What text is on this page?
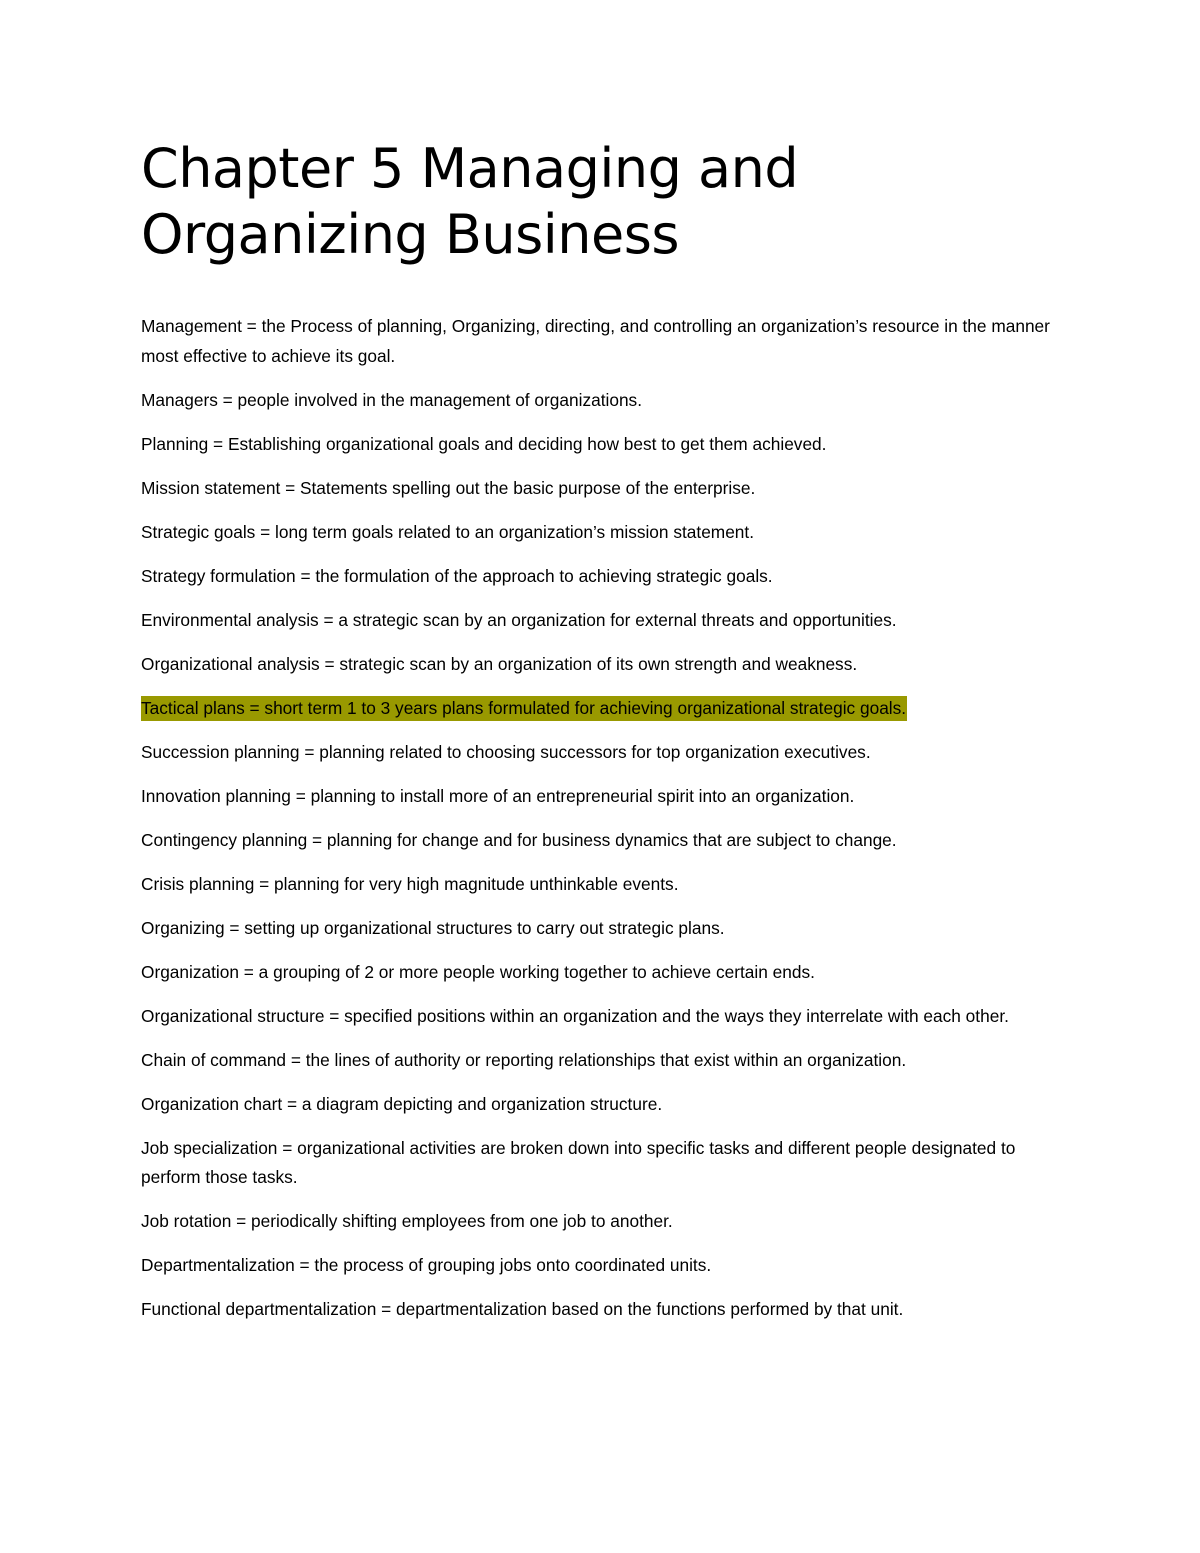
Chapter 5 Managing and Organizing Business

Management = the Process of planning, Organizing, directing, and controlling an organization’s resource in the manner most effective to achieve its goal.

Managers = people involved in the management of organizations.

Planning = Establishing organizational goals and deciding how best to get them achieved.

Mission statement = Statements spelling out the basic purpose of the enterprise.

Strategic goals = long term goals related to an organization’s mission statement.

Strategy formulation = the formulation of the approach to achieving strategic goals.

Environmental analysis = a strategic scan by an organization for external threats and opportunities.

Organizational analysis = strategic scan by an organization of its own strength and weakness.

Tactical plans = short term 1 to 3 years plans formulated for achieving organizational strategic goals.

Succession planning = planning related to choosing successors for top organization executives.

Innovation planning = planning to install more of an entrepreneurial spirit into an organization.

Contingency planning = planning for change and for business dynamics that are subject to change.

Crisis planning = planning for very high magnitude unthinkable events.

Organizing = setting up organizational structures to carry out strategic plans.

Organization = a grouping of 2 or more people working together to achieve certain ends.

Organizational structure = specified positions within an organization and the ways they interrelate with each other.

Chain of command = the lines of authority or reporting relationships that exist within an organization.

Organization chart = a diagram depicting and organization structure.

Job specialization = organizational activities are broken down into specific tasks and different people designated to perform those tasks.

Job rotation = periodically shifting employees from one job to another.

Departmentalization = the process of grouping jobs onto coordinated units.

Functional departmentalization = departmentalization based on the functions performed by that unit.
